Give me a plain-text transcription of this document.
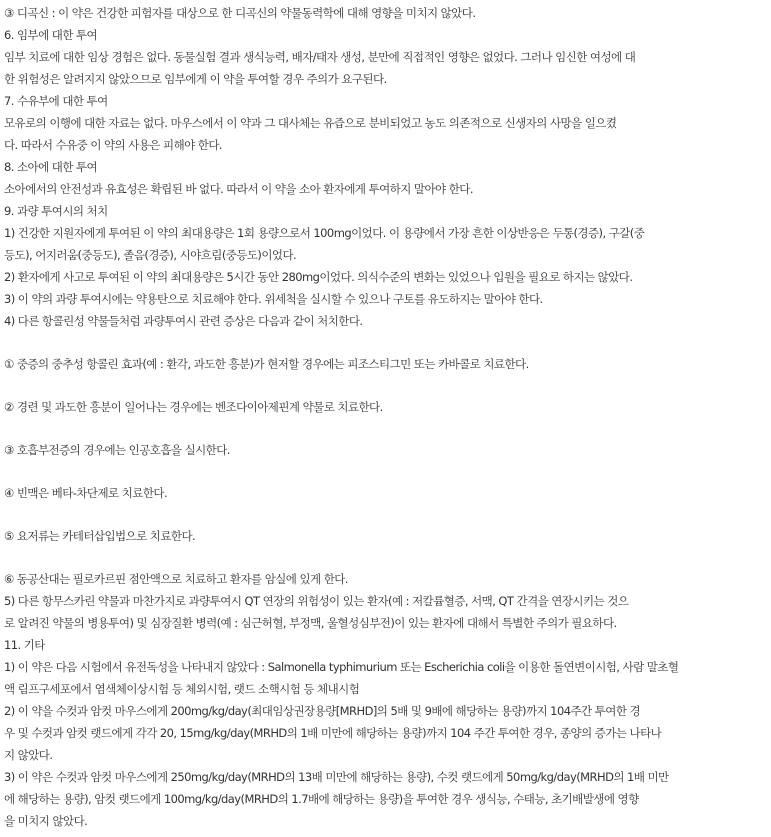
③ 디곡신 : 이 약은 건강한 피험자를 대상으로 한 디곡신의 약물동력학에 대해 영향을 미치지 않았다.
6. 임부에 대한 투여
임부 치료에 대한 임상 경험은 없다. 동물실험 결과 생식능력, 배자/태자 생성, 분만에 직접적인 영향은 없었다. 그러나 임신한 여성에 대
한 위험성은 알려지지 않았으므로 임부에게 이 약을 투여할 경우 주의가 요구된다.
7. 수유부에 대한 투여
모유로의 이행에 대한 자료는 없다. 마우스에서 이 약과 그 대사체는 유즙으로 분비되었고 농도 의존적으로 신생자의 사망을 일으켰
다. 따라서 수유중 이 약의 사용은 피해야 한다.
8. 소아에 대한 투여
소아에서의 안전성과 유효성은 확립된 바 없다. 따라서 이 약을 소아 환자에게 투여하지 말아야 한다.
9. 과량 투여시의 처치
1) 건강한 지원자에게 투여된 이 약의 최대용량은 1회 용량으로서 100mg이었다. 이 용량에서 가장 흔한 이상반응은 두통(경증), 구갈(중
등도), 어지러움(중등도), 졸음(경증), 시야흐림(중등도)이었다.
2) 환자에게 사고로 투여된 이 약의 최대용량은 5시간 동안 280mg이었다. 의식수준의 변화는 있었으나 입원을 필요로 하지는 않았다.
3) 이 약의 과량 투여시에는 약용탄으로 치료해야 한다. 위세척을 실시할 수 있으나 구토를 유도하지는 말아야 한다.
4) 다른 항콜린성 약물들처럼 과량투여시 관련 증상은 다음과 같이 처치한다.
① 중증의 중추성 항콜린 효과(예 : 환각, 과도한 흥분)가 현저할 경우에는 피조스티그민 또는 카바콜로 치료한다.
② 경련 및 과도한 흥분이 일어나는 경우에는 벤조다이아제핀계 약물로 치료한다.
③ 호흡부전증의 경우에는 인공호흡을 실시한다.
④ 빈맥은 베타-차단제로 치료한다.
⑤ 요저류는 카테터삽입법으로 치료한다.
⑥ 동공산대는 필로카르핀 점안액으로 치료하고 환자를 암실에 있게 한다.
5) 다른 항무스카린 약물과 마찬가지로 과량투여시 QT 연장의 위험성이 있는 환자(예 : 저칼륨혈증, 서맥, QT 간격을 연장시키는 것으
로 알려진 약물의 병용투여) 및 심장질환 병력(예 : 심근허혈, 부정맥, 울혈성심부전)이 있는 환자에 대해서 특별한 주의가 필요하다.
11. 기타
1) 이 약은 다음 시험에서 유전독성을 나타내지 않았다 : Salmonella typhimurium 또는 Escherichia coli을 이용한 돌연변이시험, 사람 말초혈
액 림프구세포에서 염색체이상시험 등 체외시험, 랫드 소핵시험 등 체내시험
2) 이 약을 수컷과 암컷 마우스에게 200mg/kg/day(최대임상권장용량[MRHD]의 5배 및 9배에 해당하는 용량)까지 104주간 투여한 경
우 및 수컷과 암컷 랫드에게 각각 20, 15mg/kg/day(MRHD의 1배 미만에 해당하는 용량)까지 104 주간 투여한 경우, 종양의 증가는 나타나
지 않았다.
3) 이 약은 수컷과 암컷 마우스에게 250mg/kg/day(MRHD의 13배 미만에 해당하는 용량), 수컷 랫드에게 50mg/kg/day(MRHD의 1배 미만
에 해당하는 용량), 암컷 랫드에게 100mg/kg/day(MRHD의 1.7배에 해당하는 용량)을 투여한 경우 생식능, 수태능, 초기배발생에 영향
을 미치지 않았다.
